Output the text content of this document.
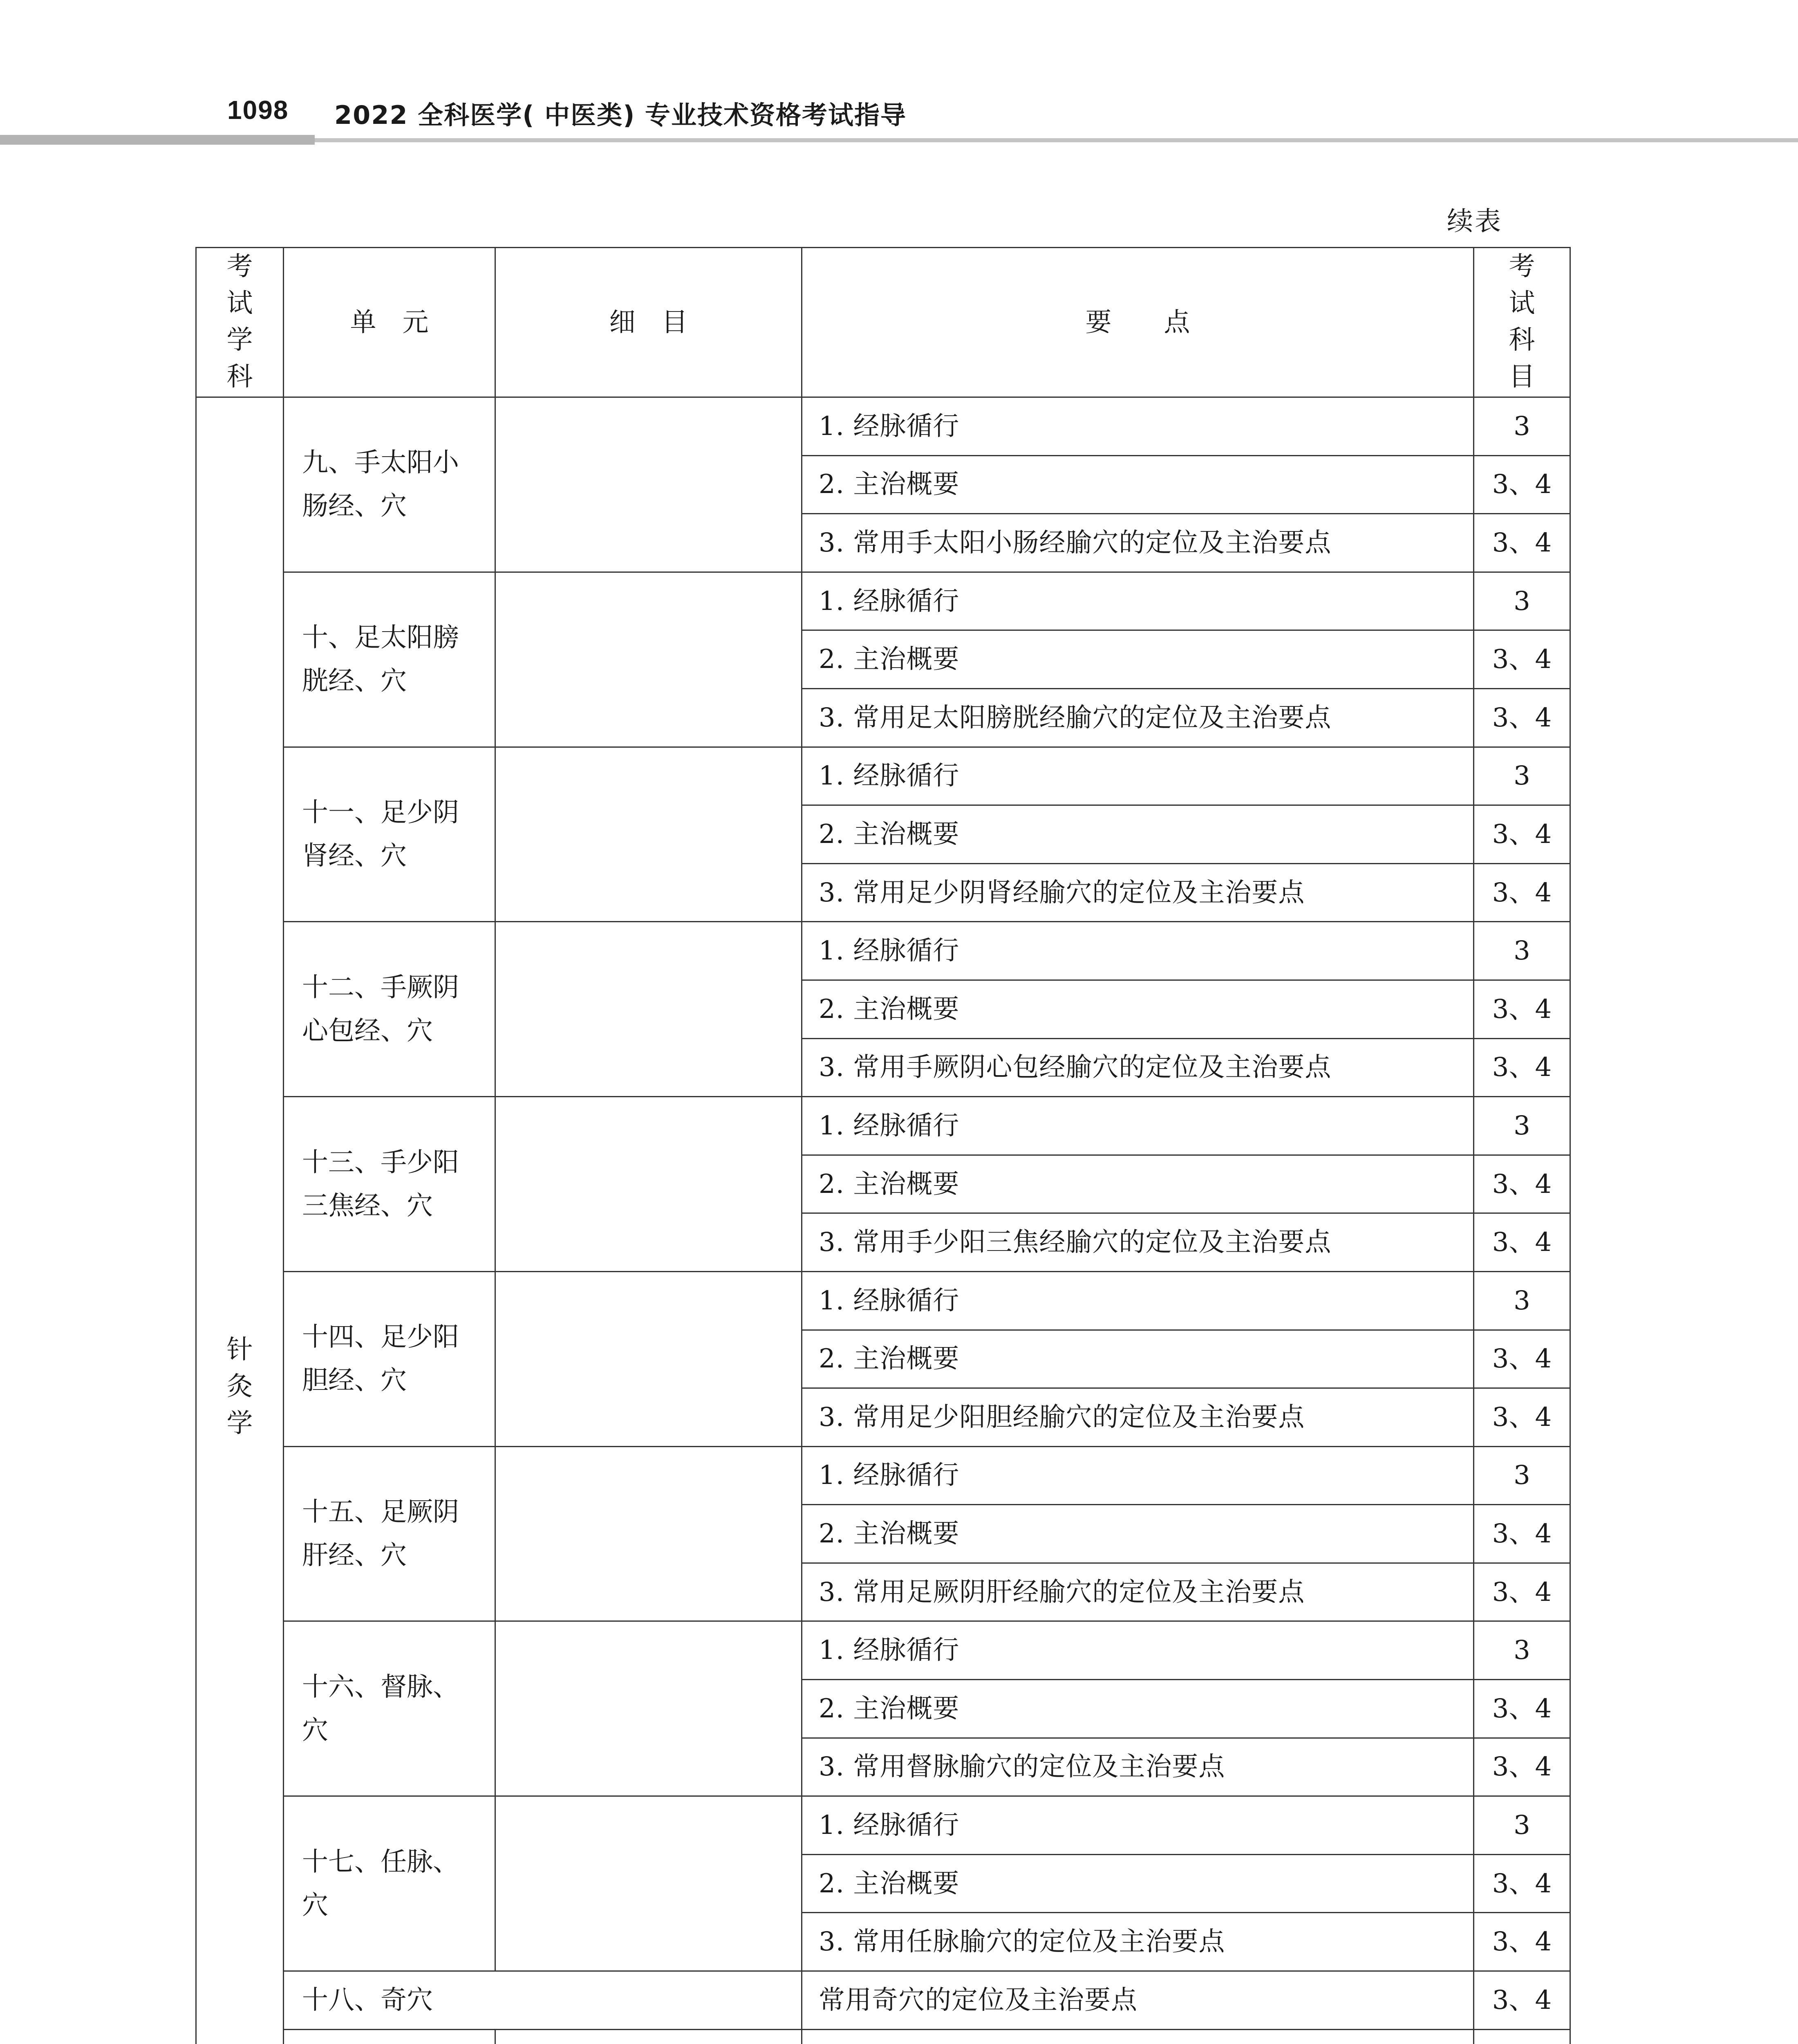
1098 2022 全科医学( 中医类) 专业技术资格考试指导
续表
考试学科	单　元	细　目	要　　点	考试科目
针灸学	九、手太阳小肠经、穴		1. 经脉循行	3
			2. 主治概要	3、4
			3. 常用手太阳小肠经腧穴的定位及主治要点	3、4
	十、足太阳膀胱经、穴		1. 经脉循行	3
			2. 主治概要	3、4
			3. 常用足太阳膀胱经腧穴的定位及主治要点	3、4
	十一、足少阴肾经、穴		1. 经脉循行	3
			2. 主治概要	3、4
			3. 常用足少阴肾经腧穴的定位及主治要点	3、4
	十二、手厥阴心包经、穴		1. 经脉循行	3
			2. 主治概要	3、4
			3. 常用手厥阴心包经腧穴的定位及主治要点	3、4
	十三、手少阳三焦经、穴		1. 经脉循行	3
			2. 主治概要	3、4
			3. 常用手少阳三焦经腧穴的定位及主治要点	3、4
	十四、足少阳胆经、穴		1. 经脉循行	3
			2. 主治概要	3、4
			3. 常用足少阳胆经腧穴的定位及主治要点	3、4
	十五、足厥阴肝经、穴		1. 经脉循行	3
			2. 主治概要	3、4
			3. 常用足厥阴肝经腧穴的定位及主治要点	3、4
	十六、督脉、穴		1. 经脉循行	3
			2. 主治概要	3、4
			3. 常用督脉腧穴的定位及主治要点	3、4
	十七、任脉、穴		1. 经脉循行	3
			2. 主治概要	3、4
			3. 常用任脉腧穴的定位及主治要点	3、4
	十八、奇穴		常用奇穴的定位及主治要点	3、4
